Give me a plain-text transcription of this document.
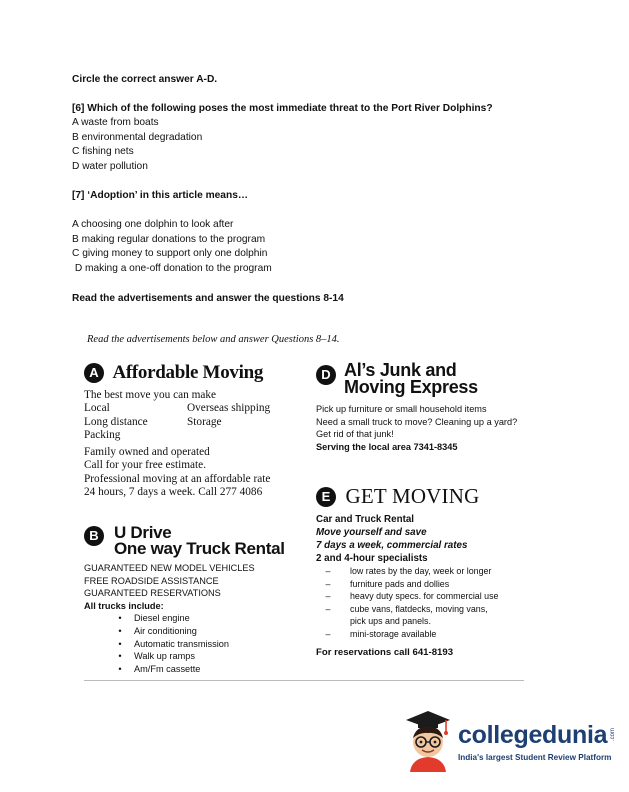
Circle the correct answer A-D.
[6] Which of the following poses the most immediate threat to the Port River Dolphins?
A waste from boats
B environmental degradation
C fishing nets
D water pollution
[7] ‘Adoption’ in this article means…
A choosing one dolphin to look after
B making regular donations to the program
C giving money to support only one dolphin
D making a one-off donation to the program
Read the advertisements and answer the questions 8-14
Read the advertisements below and answer Questions 8–14.
A Affordable Moving
The best move you can make
Local	Overseas shipping
Long distance	Storage
Packing
Family owned and operated
Call for your free estimate.
Professional moving at an affordable rate
24 hours, 7 days a week. Call 277 4086
B U Drive
One way Truck Rental
GUARANTEED NEW MODEL VEHICLES
FREE ROADSIDE ASSISTANCE
GUARANTEED RESERVATIONS
All trucks include:
•	Diesel engine
•	Air conditioning
•	Automatic transmission
•	Walk up ramps
•	Am/Fm cassette
D Al’s Junk and
Moving Express
Pick up furniture or small household items
Need a small truck to move? Cleaning up a yard?
Get rid of that junk!
Serving the local area 7341-8345
E GET MOVING
Car and Truck Rental
Move yourself and save
7 days a week, commercial rates
2 and 4-hour specialists
–	low rates by the day, week or longer
–	furniture pads and dollies
–	heavy duty specs. for commercial use
–	cube vans, flatdecks, moving vans,
pick ups and panels.
–	mini-storage available
For reservations call 641-8193
collegedunia .com
India's largest Student Review Platform
